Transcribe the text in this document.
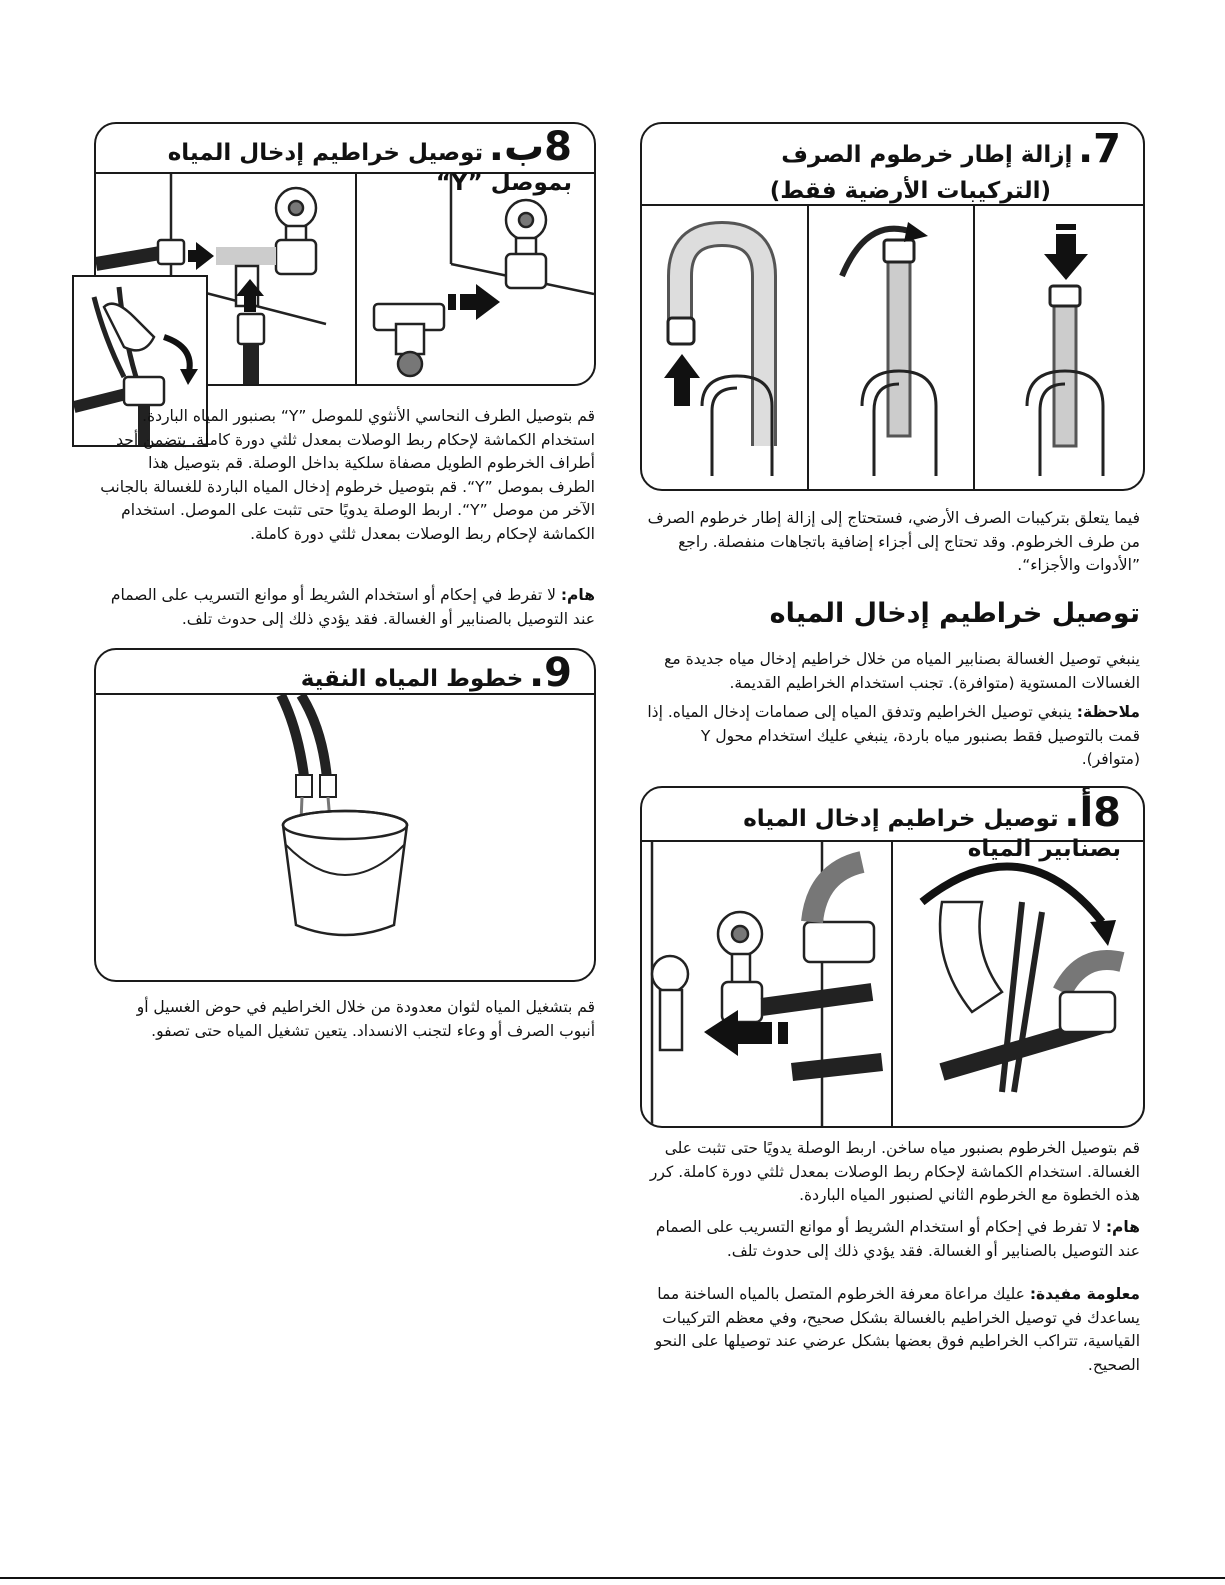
7. إزالة إطار خرطوم الصرف
(التركيبات الأرضية فقط)
فيما يتعلق بتركيبات الصرف الأرضي، فستحتاج إلى إزالة إطار خرطوم الصرف من طرف الخرطوم. وقد تحتاج إلى أجزاء إضافية باتجاهات منفصلة. راجع ”الأدوات والأجزاء“.
توصيل خراطيم إدخال المياه
ينبغي توصيل الغسالة بصنابير المياه من خلال خراطيم إدخال مياه جديدة مع الغسالات المستوية (متوافرة). تجنب استخدام الخراطيم القديمة.
ملاحظة: ينبغي توصيل الخراطيم وتدفق المياه إلى صمامات إدخال المياه. إذا قمت بالتوصيل فقط بصنبور مياه باردة، ينبغي عليك استخدام محول Y (متوافر).
8أ. توصيل خراطيم إدخال المياه بصنابير المياه
قم بتوصيل الخرطوم بصنبور مياه ساخن. اربط الوصلة يدويًا حتى تثبت على الغسالة. استخدام الكماشة لإحكام ربط الوصلات بمعدل ثلثي دورة كاملة. كرر هذه الخطوة مع الخرطوم الثاني لصنبور المياه الباردة.
هام: لا تفرط في إحكام أو استخدام الشريط أو موانع التسريب على الصمام عند التوصيل بالصنابير أو الغسالة. فقد يؤدي ذلك إلى حدوث تلف.
معلومة مفيدة: عليك مراعاة معرفة الخرطوم المتصل بالمياه الساخنة مما يساعدك في توصيل الخراطيم بالغسالة بشكل صحيح، وفي معظم التركيبات القياسية، تتراكب الخراطيم فوق بعضها بشكل عرضي عند توصيلها على النحو الصحيح.
8ب. توصيل خراطيم إدخال المياه بموصل ”Y“
قم بتوصيل الطرف النحاسي الأنثوي للموصل ”Y“ بصنبور المياه الباردة. استخدام الكماشة لإحكام ربط الوصلات بمعدل ثلثي دورة كاملة. يتضمن أحد أطراف الخرطوم الطويل مصفاة سلكية بداخل الوصلة. قم بتوصيل هذا الطرف بموصل ”Y“. قم بتوصيل خرطوم إدخال المياه الباردة للغسالة بالجانب الآخر من موصل ”Y“. اربط الوصلة يدويًا حتى تثبت على الموصل. استخدام الكماشة لإحكام ربط الوصلات بمعدل ثلثي دورة كاملة.
هام: لا تفرط في إحكام أو استخدام الشريط أو موانع التسريب على الصمام عند التوصيل بالصنابير أو الغسالة. فقد يؤدي ذلك إلى حدوث تلف.
9. خطوط المياه النقية
قم بتشغيل المياه لثوان معدودة من خلال الخراطيم في حوض الغسيل أو أنبوب الصرف أو وعاء لتجنب الانسداد. يتعين تشغيل المياه حتى تصفو.
